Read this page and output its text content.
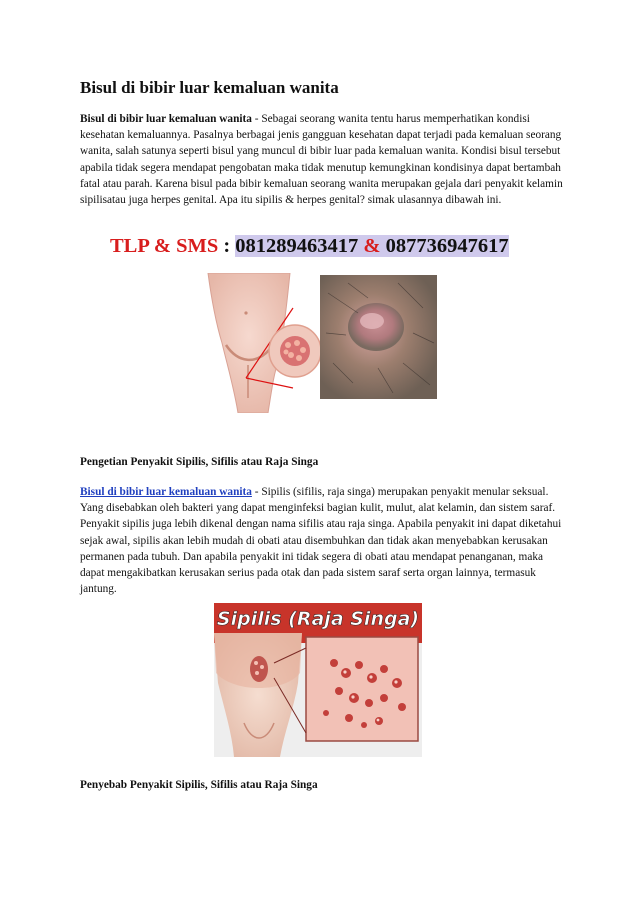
Bisul di bibir luar kemaluan wanita

Bisul di bibir luar kemaluan wanita - Sebagai seorang wanita tentu harus memperhatikan kondisi kesehatan kemaluannya. Pasalnya berbagai jenis gangguan kesehatan dapat terjadi pada kemaluan seorang wanita, salah satunya seperti bisul yang muncul di bibir luar pada kemaluan wanita. Kondisi bisul tersebut apabila tidak segera mendapat pengobatan maka tidak menutup kemungkinan kondisinya dapat bertambah fatal atau parah. Karena bisul pada bibir kemaluan seorang wanita merupakan gejala dari penyakit kelamin sipilisatau juga herpes genital. Apa itu sipilis & herpes genital? simak ulasannya dibawah ini.

TLP & SMS : 081289463417 & 087736947617
Pengetian Penyakit Sipilis, Sifilis atau Raja Singa

Bisul di bibir luar kemaluan wanita - Sipilis (sifilis, raja singa) merupakan penyakit menular seksual. Yang disebabkan oleh bakteri yang dapat menginfeksi bagian kulit, mulut, alat kelamin, dan sistem saraf. Penyakit sipilis juga lebih dikenal dengan nama sifilis atau raja singa. Apabila penyakit ini dapat diketahui sejak awal, sipilis akan lebih mudah di obati atau disembuhkan dan tidak akan menyebabkan kerusakan permanen pada tubuh. Dan apabila penyakit ini tidak segera di obati atau mendapat penanganan, maka dapat mengakibatkan kerusakan serius pada otak dan pada sistem saraf serta organ lainnya, termasuk jantung.

Sipilis (Raja Singa)
Penyebab Penyakit Sipilis, Sifilis atau Raja Singa
